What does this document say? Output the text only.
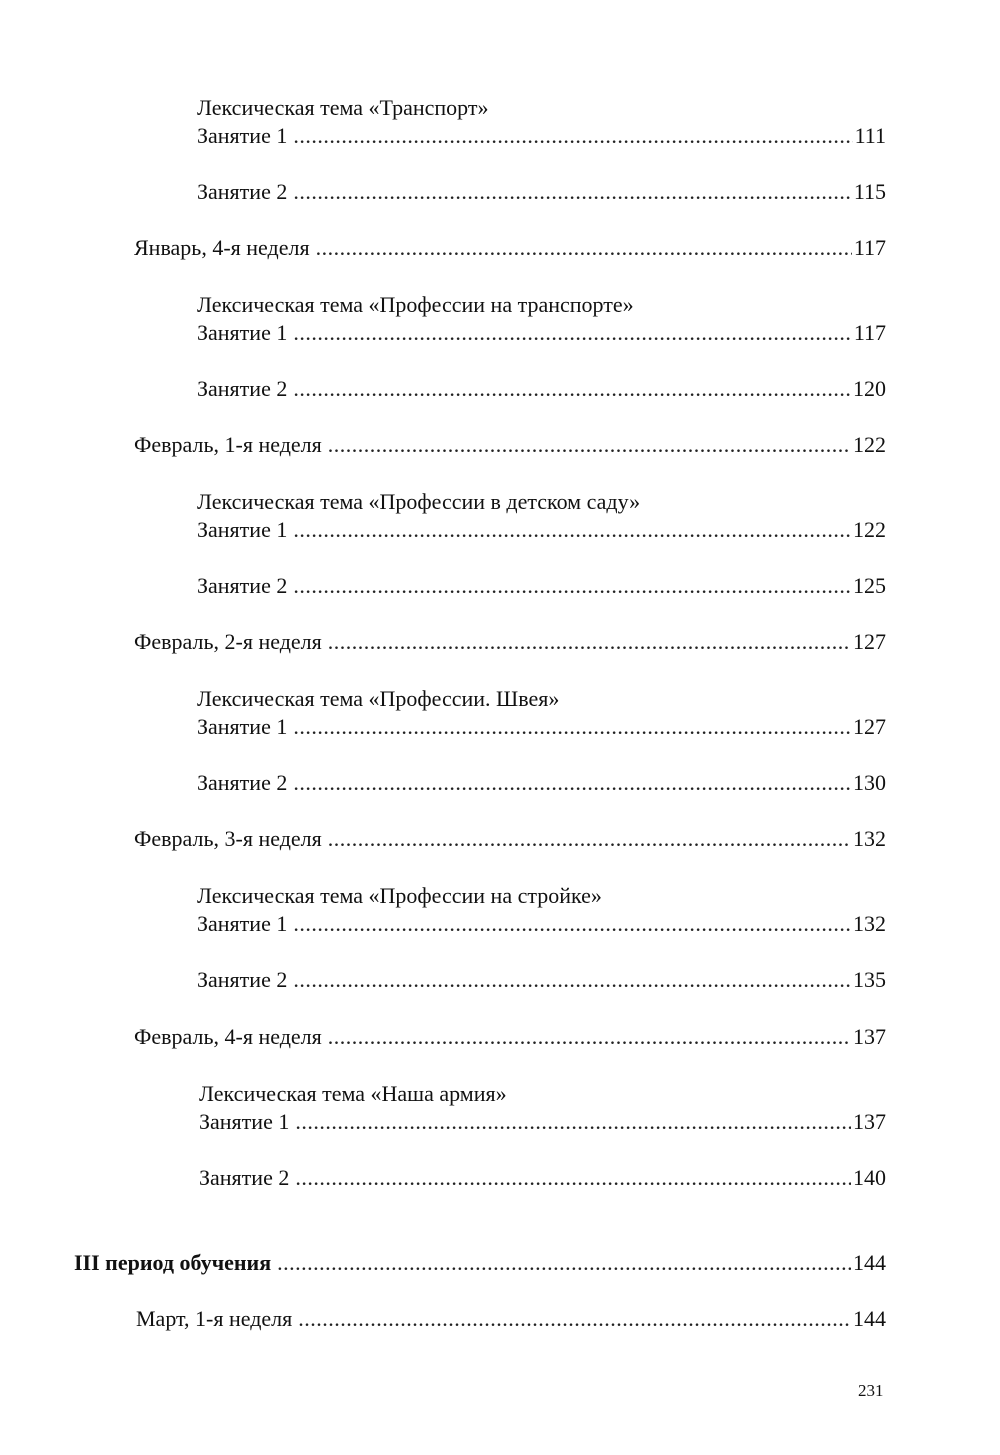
Лексическая тема «Транспорт»
Занятие 1 .....	111
Занятие 2 .....	115
Январь, 4-я неделя .....	117
Лексическая тема «Профессии на транспорте»
Занятие 1 .....	117
Занятие 2 .....	120
Февраль, 1-я неделя .....	122
Лексическая тема «Профессии в детском саду»
Занятие 1 .....	122
Занятие 2 .....	125
Февраль, 2-я неделя .....	127
Лексическая тема «Профессии. Швея»
Занятие 1 .....	127
Занятие 2 .....	130
Февраль, 3-я неделя .....	132
Лексическая тема «Профессии на стройке»
Занятие 1 .....	132
Занятие 2 .....	135
Февраль, 4-я неделя .....	137
Лексическая тема «Наша армия»
Занятие 1 .....	137
Занятие 2 .....	140
III период обучения .....	144
Март, 1-я неделя .....	144
231
